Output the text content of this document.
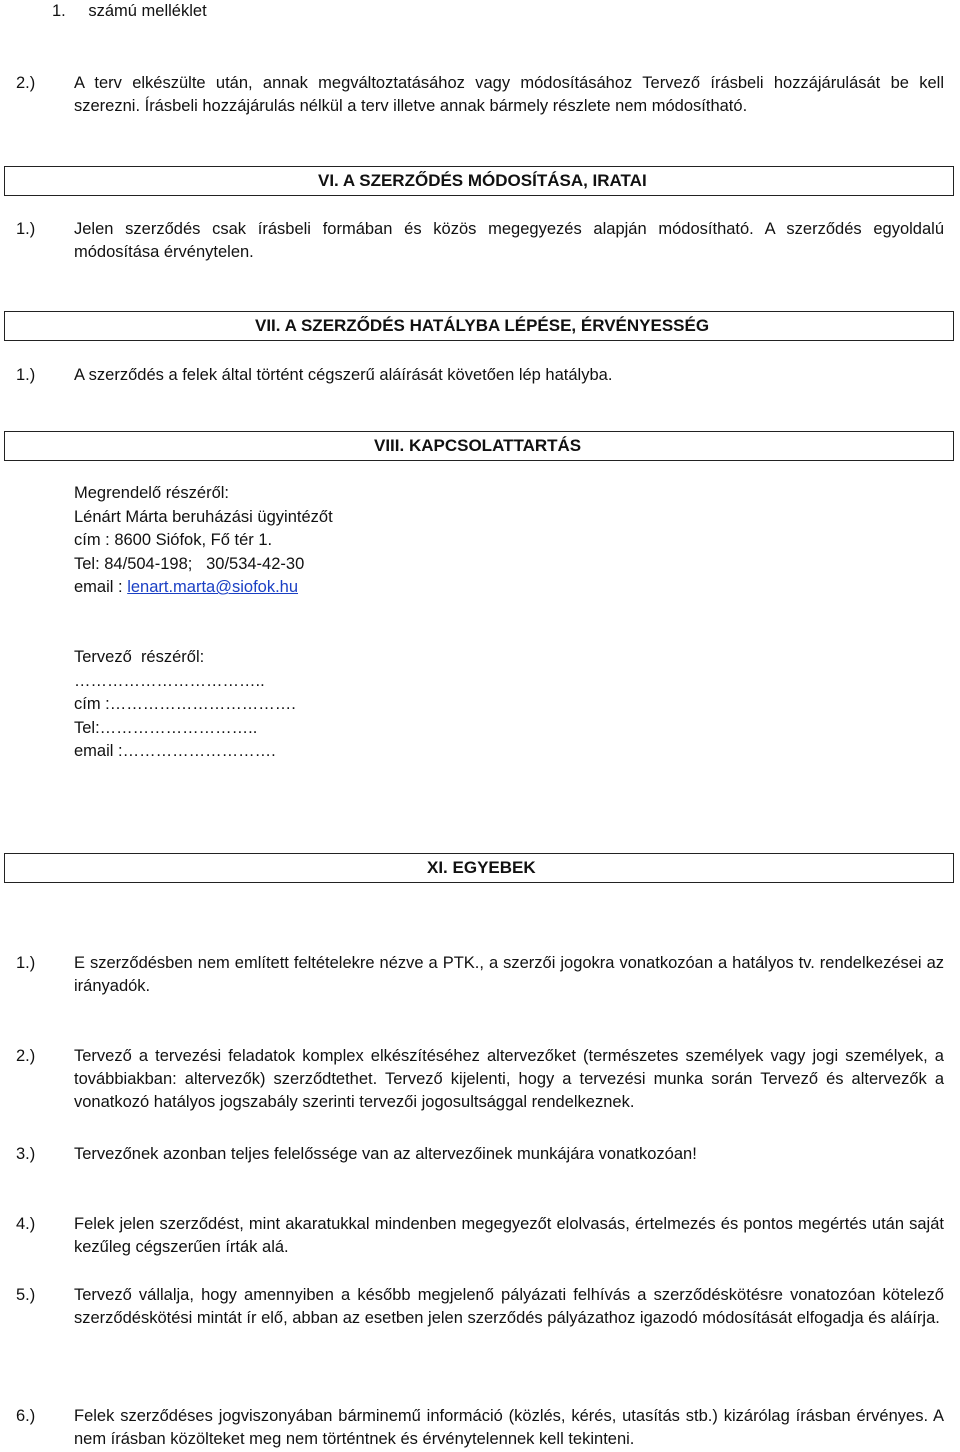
1. számú melléklet
2.) A terv elkészülte után, annak megváltoztatásához vagy módosításához Tervező írásbeli hozzájárulását be kell szerezni. Írásbeli hozzájárulás nélkül a terv illetve annak bármely részlete nem módosítható.
VI. A SZERZŐDÉS MÓDOSÍTÁSA, IRATAI
1.) Jelen szerződés csak írásbeli formában és közös megegyezés alapján módosítható. A szerződés egyoldalú módosítása érvénytelen.
VII. A SZERZŐDÉS HATÁLYBA LÉPÉSE, ÉRVÉNYESSÉG
1.) A szerződés a felek által történt cégszerű aláírását követően lép hatályba.
VIII. KAPCSOLATTARTÁS
Megrendelő részéről:
Lénárt Márta beruházási ügyintézőt
cím : 8600 Siófok, Fő tér 1.
Tel: 84/504-198;   30/534-42-30
email : lenart.marta@siofok.hu
Tervező  részéről:
……………………………..
cím :…………………………….
Tel:………………………..
email :……………………….
XI. EGYEBEK
1.) E szerződésben nem említett feltételekre nézve a PTK., a szerzői jogokra vonatkozóan a hatályos tv. rendelkezései az irányadók.
2.) Tervező a tervezési feladatok komplex elkészítéséhez altervezőket (természetes személyek vagy jogi személyek, a továbbiakban: altervezők) szerződtethet. Tervező kijelenti, hogy a tervezési munka során Tervező és altervezők a vonatkozó hatályos jogszabály szerinti tervezői jogosultsággal rendelkeznek.
3.) Tervezőnek azonban teljes felelőssége van az altervezőinek munkájára vonatkozóan!
4.) Felek jelen szerződést, mint akaratukkal mindenben megegyezőt elolvasás, értelmezés és pontos megértés után saját kezűleg cégszerűen írták alá.
5.) Tervező vállalja, hogy amennyiben a később megjelenő pályázati felhívás a szerződéskötésre vonatozóan kötelező szerződéskötési mintát ír elő, abban az esetben jelen szerződés pályázathoz igazodó módosítását elfogadja és aláírja.
6.) Felek szerződéses jogviszonyában bárminemű információ (közlés, kérés, utasítás stb.) kizárólag írásban érvényes. A nem írásban közölteket meg nem történtnek és érvénytelennek kell tekinteni.
